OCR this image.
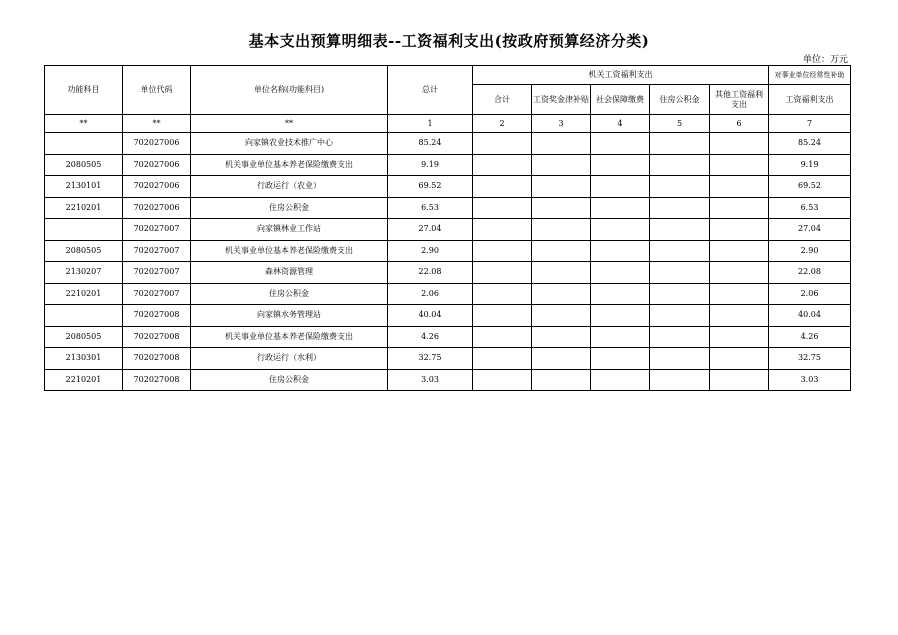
基本支出预算明细表--工资福利支出(按政府预算经济分类)
单位：万元
功能科目	单位代码	单位名称(功能科目)	总计	机关工资福利支出					对事业单位经常性补助
				合计	工资奖金津补贴	社会保障缴费	住房公积金	其他工资福利支出	工资福利支出
**	**	**	1	2	3	4	5	6	7
	702027006	向家镇农业技术推广中心	85.24						85.24
2080505	702027006	机关事业单位基本养老保险缴费支出	9.19						9.19
2130101	702027006	行政运行（农业）	69.52						69.52
2210201	702027006	住房公积金	6.53						6.53
	702027007	向家镇林业工作站	27.04						27.04
2080505	702027007	机关事业单位基本养老保险缴费支出	2.90						2.90
2130207	702027007	森林资源管理	22.08						22.08
2210201	702027007	住房公积金	2.06						2.06
	702027008	向家镇水务管理站	40.04						40.04
2080505	702027008	机关事业单位基本养老保险缴费支出	4.26						4.26
2130301	702027008	行政运行（水利）	32.75						32.75
2210201	702027008	住房公积金	3.03						3.03
